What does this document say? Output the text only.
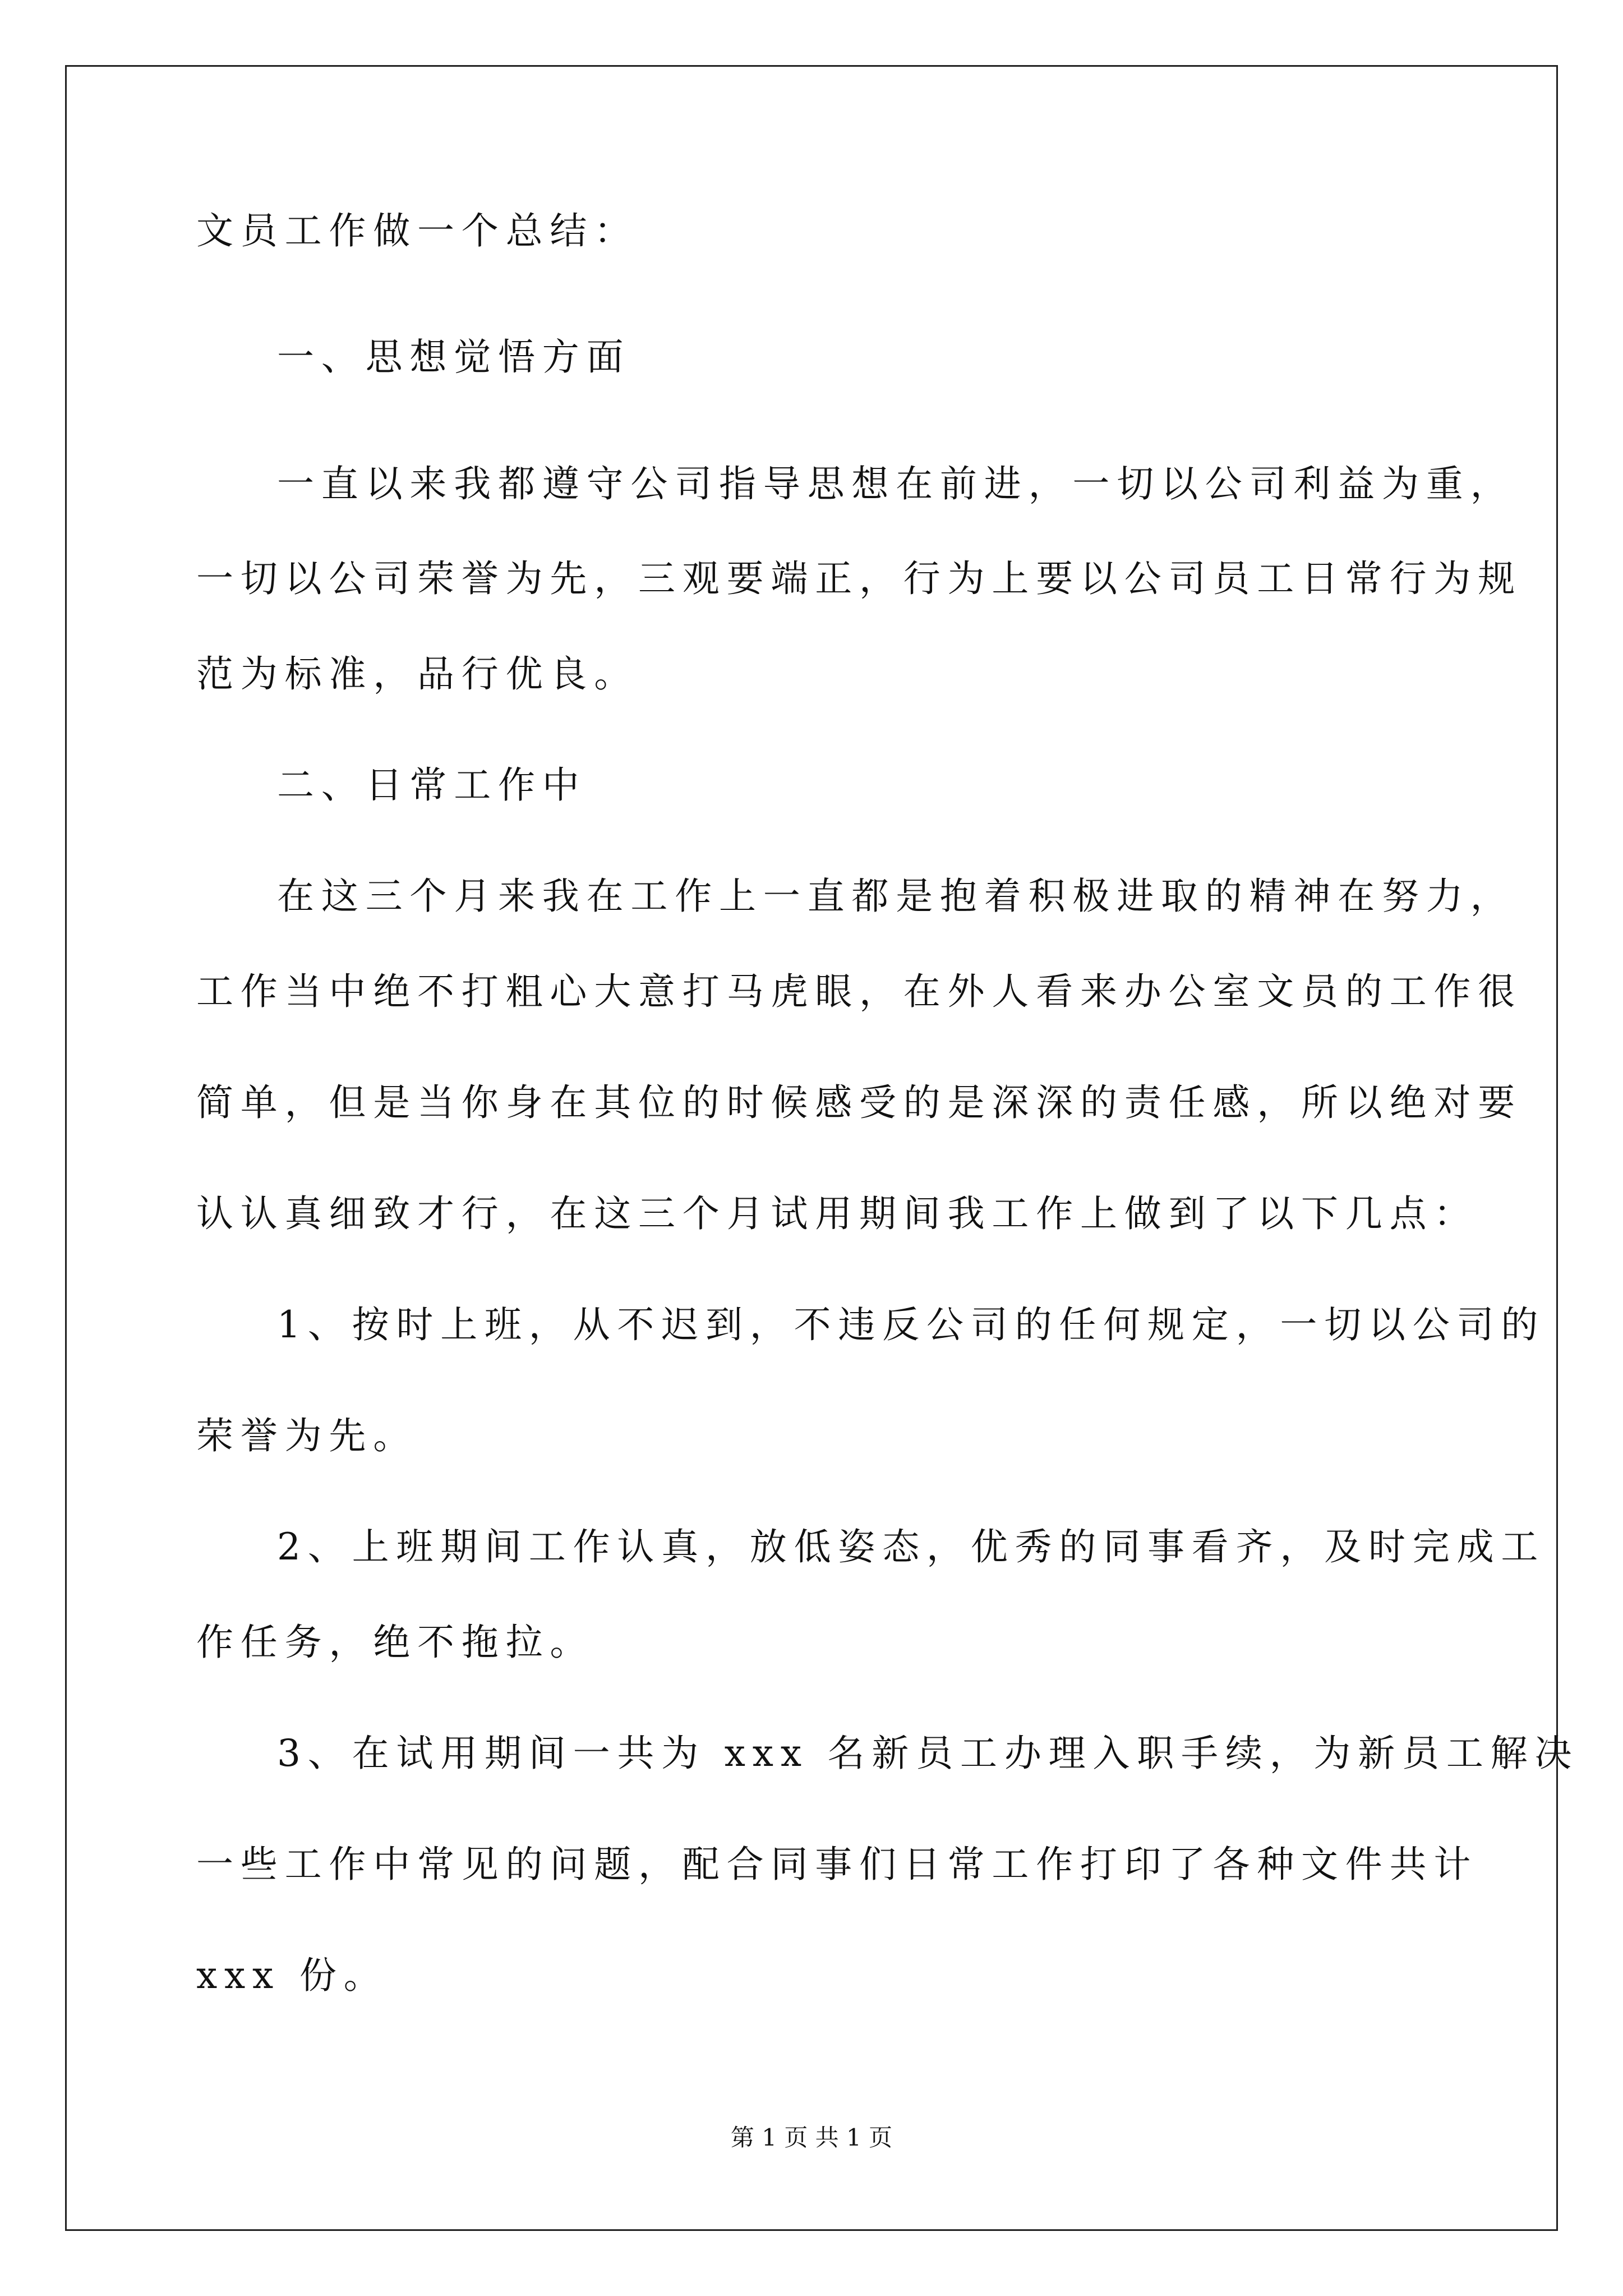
文员工作做一个总结：
一、思想觉悟方面
一直以来我都遵守公司指导思想在前进，一切以公司利益为重，
一切以公司荣誉为先，三观要端正，行为上要以公司员工日常行为规
范为标准，品行优良。
二、日常工作中
在这三个月来我在工作上一直都是抱着积极进取的精神在努力，
工作当中绝不打粗心大意打马虎眼，在外人看来办公室文员的工作很
简单，但是当你身在其位的时候感受的是深深的责任感，所以绝对要
认认真细致才行，在这三个月试用期间我工作上做到了以下几点：
1、按时上班，从不迟到，不违反公司的任何规定，一切以公司的
荣誉为先。
2、上班期间工作认真，放低姿态，优秀的同事看齐，及时完成工
作任务，绝不拖拉。
3、在试用期间一共为 xxx 名新员工办理入职手续，为新员工解决
一些工作中常见的问题，配合同事们日常工作打印了各种文件共计
xxx 份。
第 1 页 共 1 页
